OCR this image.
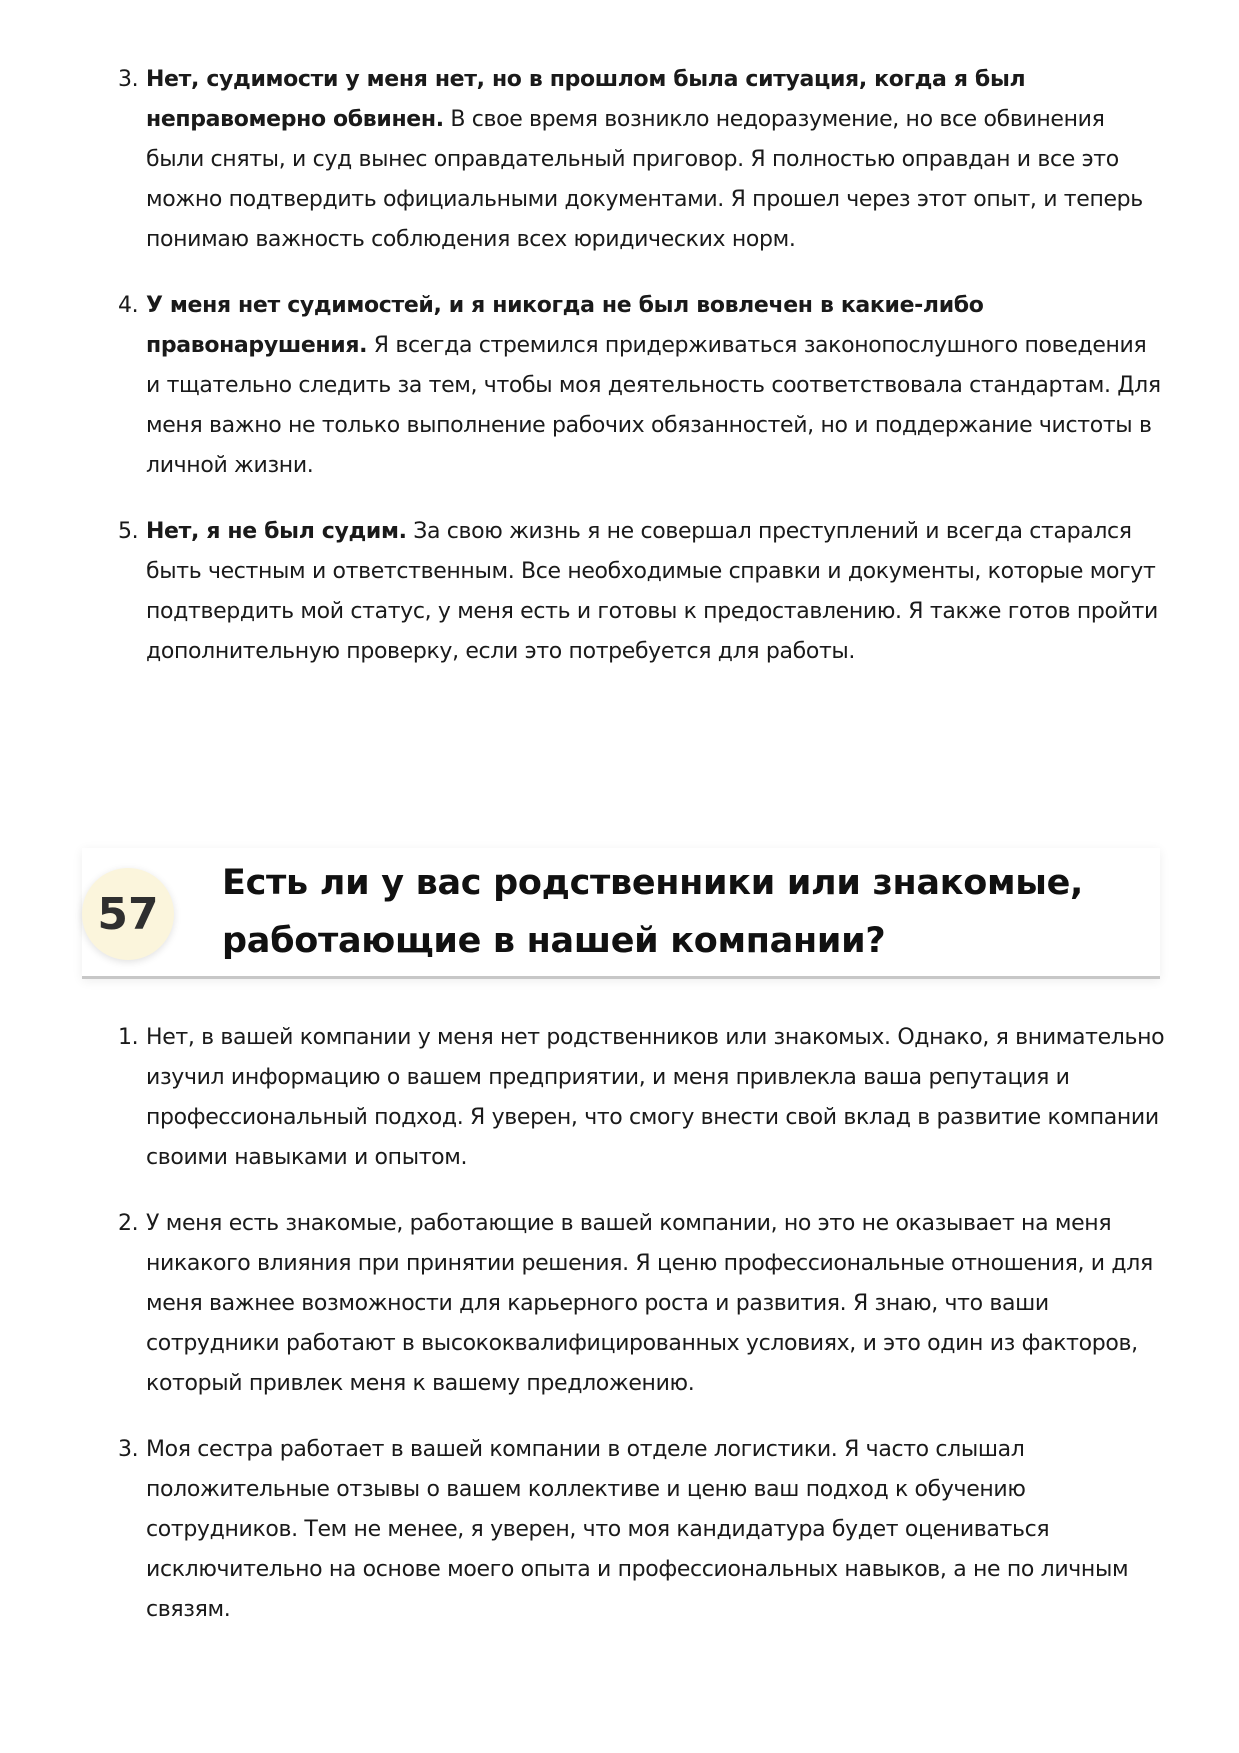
3. Нет, судимости у меня нет, но в прошлом была ситуация, когда я был неправомерно обвинен. В свое время возникло недоразумение, но все обвинения были сняты, и суд вынес оправдательный приговор. Я полностью оправдан и все это можно подтвердить официальными документами. Я прошел через этот опыт, и теперь понимаю важность соблюдения всех юридических норм.
4. У меня нет судимостей, и я никогда не был вовлечен в какие-либо правонарушения. Я всегда стремился придерживаться законопослушного поведения и тщательно следить за тем, чтобы моя деятельность соответствовала стандартам. Для меня важно не только выполнение рабочих обязанностей, но и поддержание чистоты в личной жизни.
5. Нет, я не был судим. За свою жизнь я не совершал преступлений и всегда старался быть честным и ответственным. Все необходимые справки и документы, которые могут подтвердить мой статус, у меня есть и готовы к предоставлению. Я также готов пройти дополнительную проверку, если это потребуется для работы.
57
Есть ли у вас родственники или знакомые, работающие в нашей компании?
1. Нет, в вашей компании у меня нет родственников или знакомых. Однако, я внимательно изучил информацию о вашем предприятии, и меня привлекла ваша репутация и профессиональный подход. Я уверен, что смогу внести свой вклад в развитие компании своими навыками и опытом.
2. У меня есть знакомые, работающие в вашей компании, но это не оказывает на меня никакого влияния при принятии решения. Я ценю профессиональные отношения, и для меня важнее возможности для карьерного роста и развития. Я знаю, что ваши сотрудники работают в высококвалифицированных условиях, и это один из факторов, который привлек меня к вашему предложению.
3. Моя сестра работает в вашей компании в отделе логистики. Я часто слышал положительные отзывы о вашем коллективе и ценю ваш подход к обучению сотрудников. Тем не менее, я уверен, что моя кандидатура будет оцениваться исключительно на основе моего опыта и профессиональных навыков, а не по личным связям.
